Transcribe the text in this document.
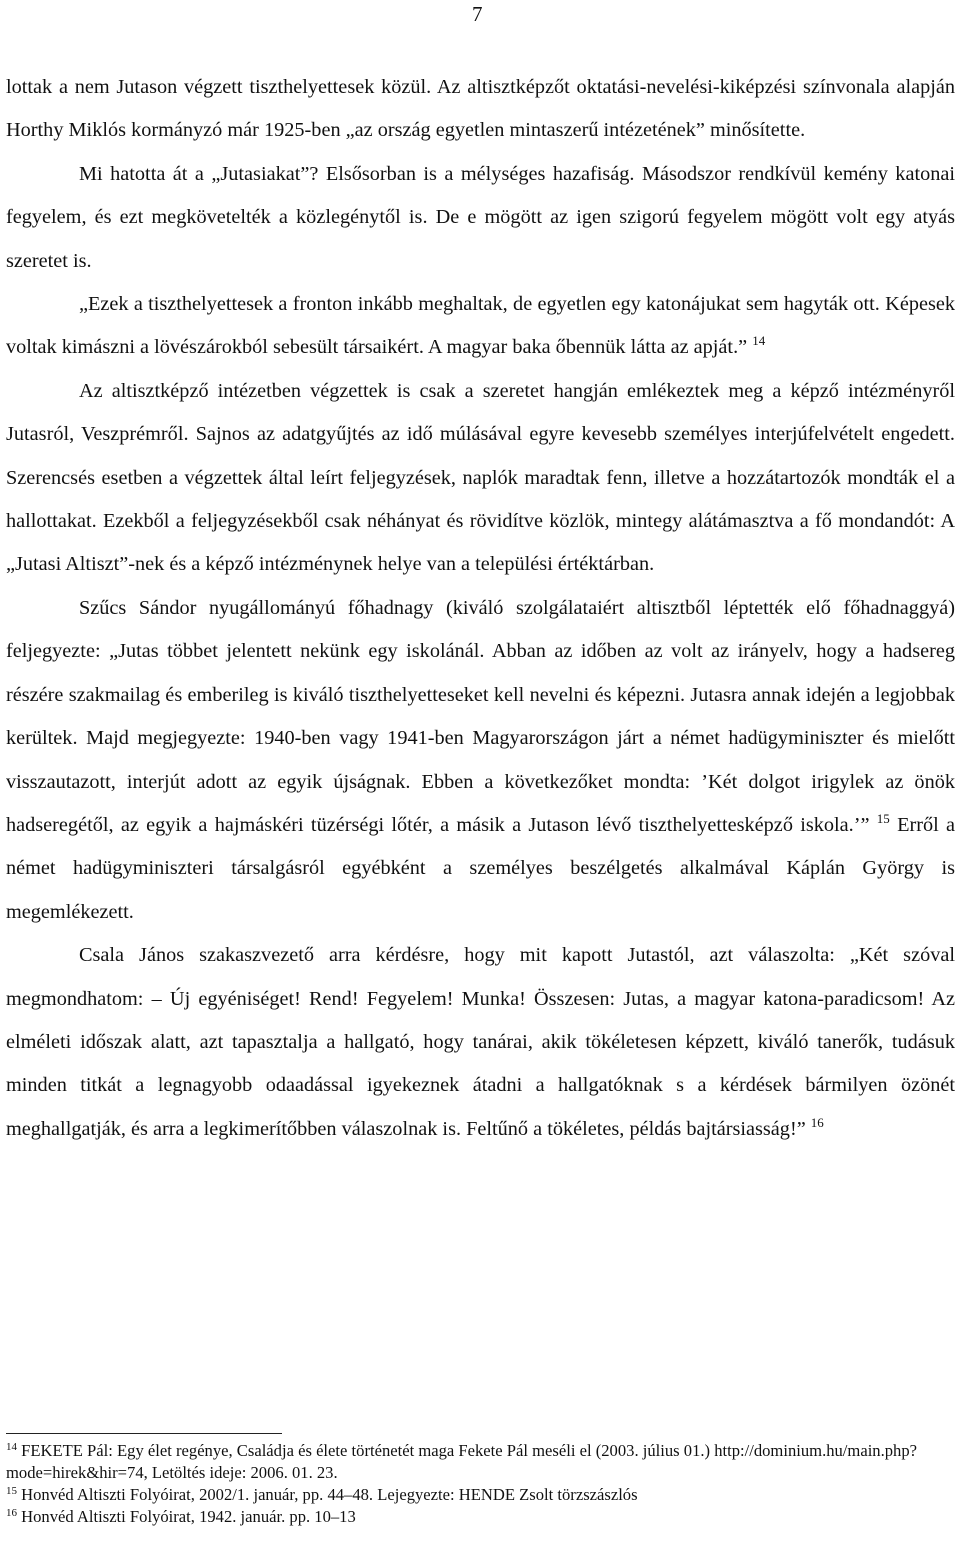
7

lottak a nem Jutason végzett tiszthelyettesek közül. Az altisztképzőt oktatási-nevelési-kiképzési színvonala alapján Horthy Miklós kormányzó már 1925-ben „az ország egyetlen mintaszerű intézetének” minősítette.

Mi hatotta át a „Jutasiakat”? Elsősorban is a mélységes hazafiság. Másodszor rendkívül kemény katonai fegyelem, és ezt megkövetelték a közlegénytől is. De e mögött az igen szigorú fegyelem mögött volt egy atyás szeretet is.

„Ezek a tiszthelyettesek a fronton inkább meghaltak, de egyetlen egy katonájukat sem hagyták ott. Képesek voltak kimászni a lövészárokból sebesült társaikért. A magyar baka őbennük látta az apját.” $^{14}$

Az altisztképző intézetben végzettek is csak a szeretet hangján emlékeztek meg a képző intézményről Jutasról, Veszprémről. Sajnos az adatgyűjtés az idő múlásával egyre kevesebb személyes interjúfelvételt engedett. Szerencsés esetben a végzettek által leírt feljegyzések, naplók maradtak fenn, illetve a hozzátartozók mondták el a hallottakat. Ezekből a feljegyzésekből csak néhányat és rövidítve közlök, mintegy alátámasztva a fő mondandót: A „Jutasi Altiszt”-nek és a képző intézménynek helye van a települési értéktárban.

Szűcs Sándor nyugállományú főhadnagy (kiváló szolgálataiért altisztből léptették elő főhadnaggyá) feljegyezte: „Jutas többet jelentett nekünk egy iskolánál. Abban az időben az volt az irányelv, hogy a hadsereg részére szakmailag és emberileg is kiváló tiszthelyetteseket kell nevelni és képezni. Jutasra annak idején a legjobbak kerültek. Majd megjegyezte: 1940-ben vagy 1941-ben Magyarországon járt a német hadügyminiszter és mielőtt visszautazott, interjút adott az egyik újságnak. Ebben a következőket mondta: ’Két dolgot irigylek az önök hadseregétől, az egyik a hajmáskéri tüzérségi lőtér, a másik a Jutason lévő tiszthelyettesképző iskola.’” $^{15}$ Erről a német hadügyminiszteri társalgásról egyébként a személyes beszélgetés alkalmával Káplán György is megemlékezett.

Csala János szakaszvezető arra kérdésre, hogy mit kapott Jutastól, azt válaszolta: „Két szóval megmondhatom: – Új egyéniséget! Rend! Fegyelem! Munka! Összesen: Jutas, a magyar katona-paradicsom! Az elméleti időszak alatt, azt tapasztalja a hallgató, hogy tanárai, akik tökéletesen képzett, kiváló tanerők, tudásuk minden titkát a legnagyobb odaadással igyekeznek átadni a hallgatóknak s a kérdések bármilyen özönét meghallgatják, és arra a legkimerítőbben válaszolnak is. Feltűnő a tökéletes, példás bajtársiasság!” $^{16}$

$^{14}$ FEKETE Pál: Egy élet regénye, Családja és élete történetét maga Fekete Pál meséli el (2003. július 01.) http://dominium.hu/main.php?mode=hirek&hir=74, Letöltés ideje: 2006. 01. 23.

$^{15}$ Honvéd Altiszti Folyóirat, 2002/1. január, pp. 44–48. Lejegyezte: HENDE Zsolt törzszászlós

$^{16}$ Honvéd Altiszti Folyóirat, 1942. január. pp. 10–13
